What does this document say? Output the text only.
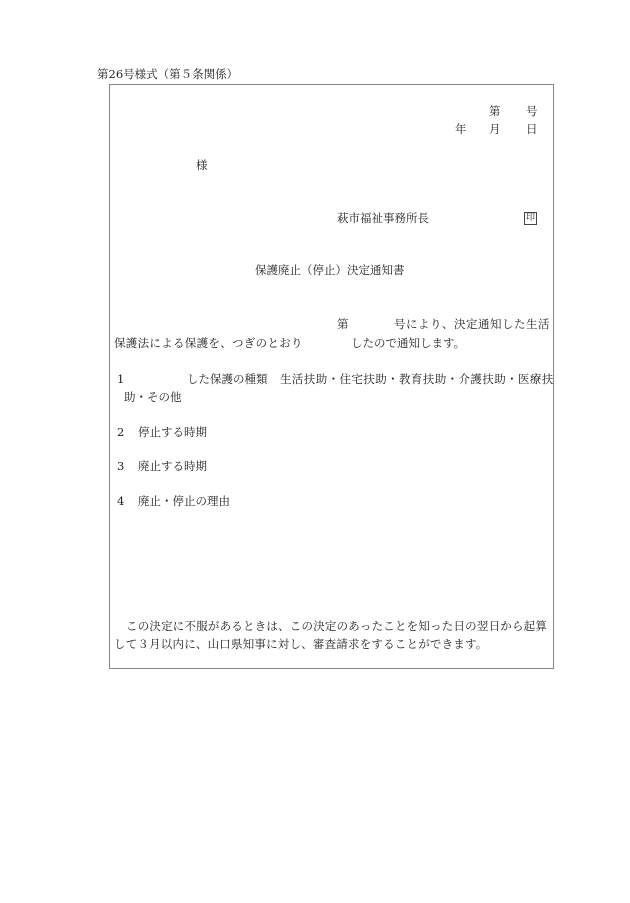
第26号様式（第５条関係）
第 号
年 月 日
様
萩市福祉事務所長	印
保護廃止（停止）決定通知書
第	号により、決定通知した生活
保護法による保護を、つぎのとおり	したので通知します。
1	した保護の種類 生活扶助・住宅扶助・教育扶助・介護扶助・医療扶
助・その他
2 停止する時期
3 廃止する時期
4 廃止・停止の理由
この決定に不服があるときは、この決定のあったことを知った日の翌日から起算
して３月以内に、山口県知事に対し、審査請求をすることができます。
